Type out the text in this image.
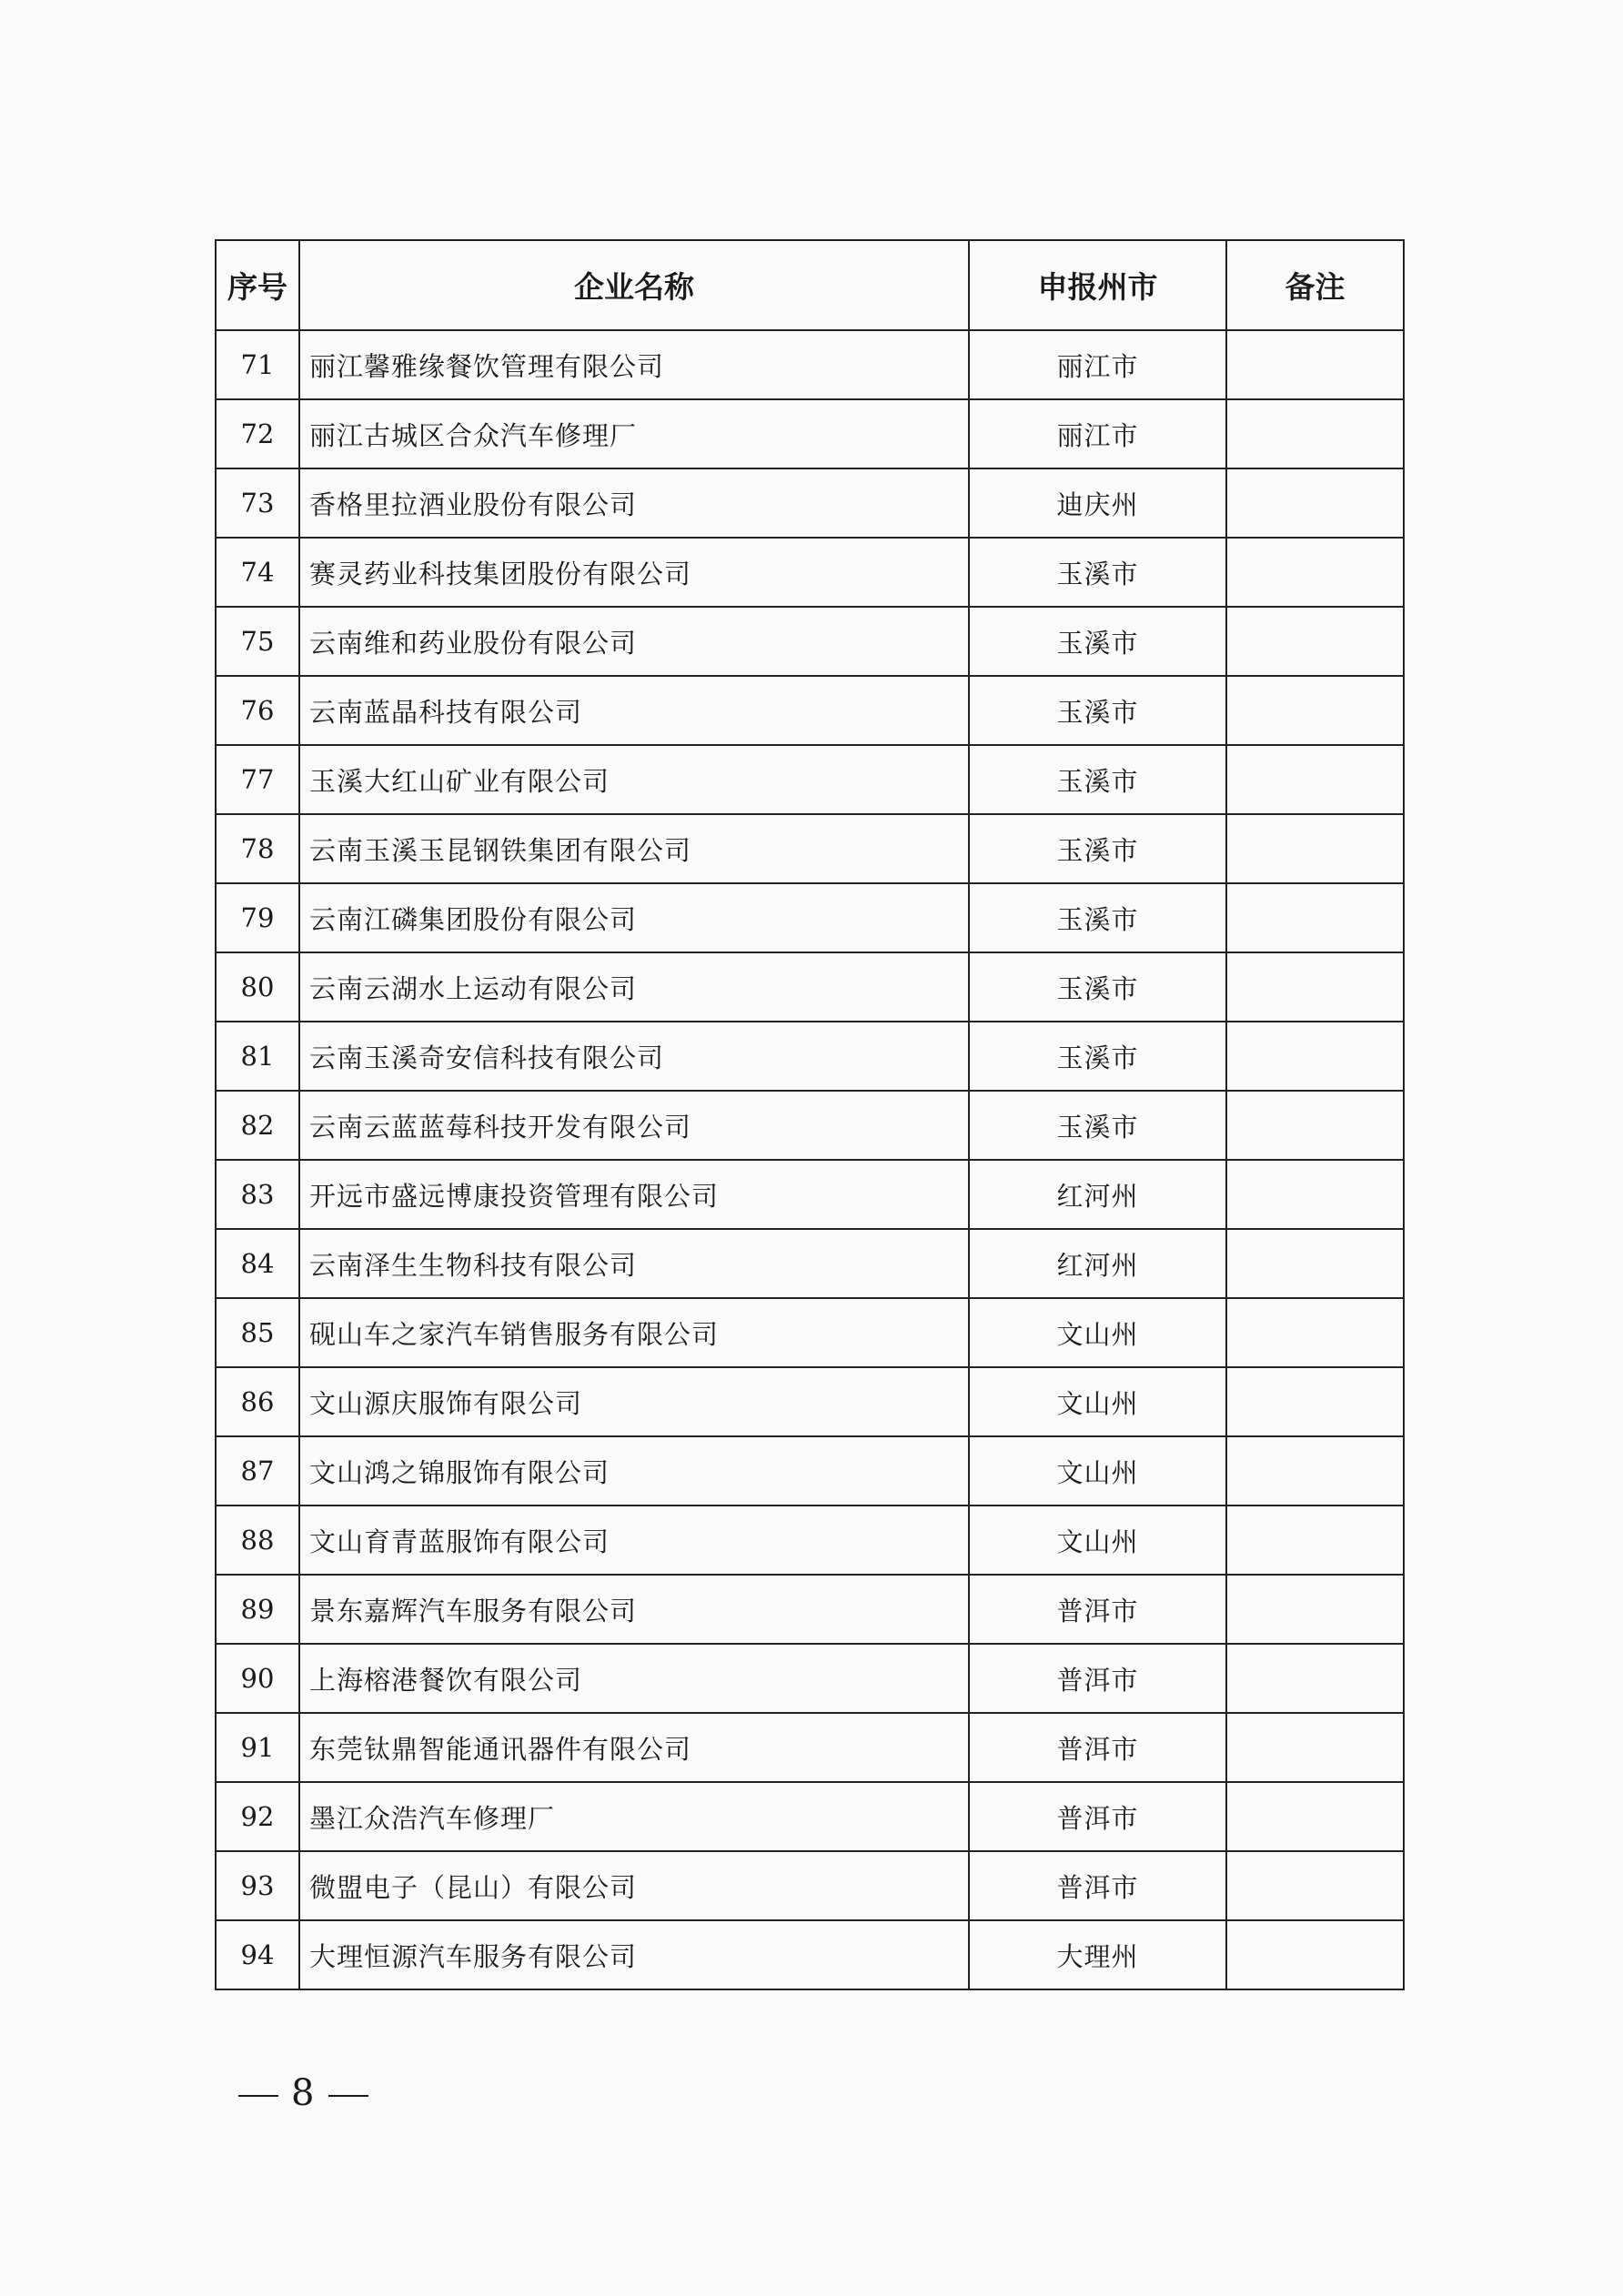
序号	企业名称	申报州市	备注
71	丽江馨雅缘餐饮管理有限公司	丽江市	
72	丽江古城区合众汽车修理厂	丽江市	
73	香格里拉酒业股份有限公司	迪庆州	
74	赛灵药业科技集团股份有限公司	玉溪市	
75	云南维和药业股份有限公司	玉溪市	
76	云南蓝晶科技有限公司	玉溪市	
77	玉溪大红山矿业有限公司	玉溪市	
78	云南玉溪玉昆钢铁集团有限公司	玉溪市	
79	云南江磷集团股份有限公司	玉溪市	
80	云南云湖水上运动有限公司	玉溪市	
81	云南玉溪奇安信科技有限公司	玉溪市	
82	云南云蓝蓝莓科技开发有限公司	玉溪市	
83	开远市盛远博康投资管理有限公司	红河州	
84	云南泽生生物科技有限公司	红河州	
85	砚山车之家汽车销售服务有限公司	文山州	
86	文山源庆服饰有限公司	文山州	
87	文山鸿之锦服饰有限公司	文山州	
88	文山育青蓝服饰有限公司	文山州	
89	景东嘉辉汽车服务有限公司	普洱市	
90	上海榕港餐饮有限公司	普洱市	
91	东莞钛鼎智能通讯器件有限公司	普洱市	
92	墨江众浩汽车修理厂	普洱市	
93	微盟电子（昆山）有限公司	普洱市	
94	大理恒源汽车服务有限公司	大理州	
8
